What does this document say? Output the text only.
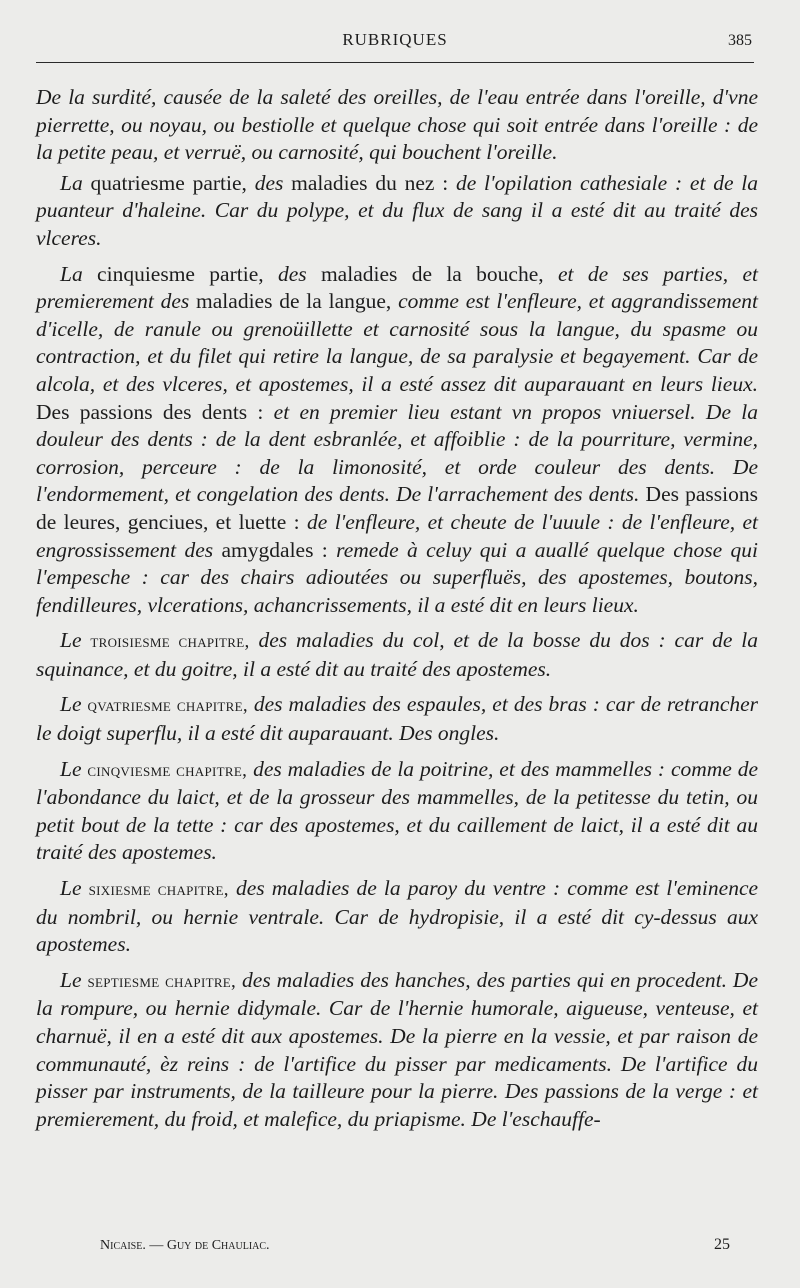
RUBRIQUES	385

De la surdité, causée de la saleté des oreilles, de l'eau entrée dans l'oreille, d'vne pierrette, ou noyau, ou bestiolle et quelque chose qui soit entrée dans l'oreille : de la petite peau, et verruë, ou carnosité, qui bouchent l'oreille.

La quatriesme partie, des maladies du nez : de l'opilation cathesiale : et de la puanteur d'haleine. Car du polype, et du flux de sang il a esté dit au traité des vlceres.

La cinquiesme partie, des maladies de la bouche, et de ses parties, et premierement des maladies de la langue, comme est l'enfleure, et aggrandissement d'icelle, de ranule ou grenoüillette et carnosité sous la langue, du spasme ou contraction, et du filet qui retire la langue, de sa paralysie et begayement. Car de alcola, et des vlceres, et apostemes, il a esté assez dit auparauant en leurs lieux. Des passions des dents : et en premier lieu estant vn propos vniuersel. De la douleur des dents : de la dent esbranlée, et affoiblie : de la pourriture, vermine, corrosion, perceure : de la limonosité, et orde couleur des dents. De l'endormement, et congelation des dents. De l'arrachement des dents. Des passions de leures, genciues, et luette : de l'enfleure, et cheute de l'uuule : de l'enfleure, et engrossissement des amygdales : remede à celuy qui a auallé quelque chose qui l'empesche : car des chairs adioutées ou superfluës, des apostemes, boutons, fendilleures, vlcerations, achancrissements, il a esté dit en leurs lieux.

Le troisiesme chapitre, des maladies du col, et de la bosse du dos : car de la squinance, et du goitre, il a esté dit au traité des apostemes.

Le qvatriesme chapitre, des maladies des espaules, et des bras : car de retrancher le doigt superflu, il a esté dit auparauant. Des ongles.

Le cinqviesme chapitre, des maladies de la poitrine, et des mammelles : comme de l'abondance du laict, et de la grosseur des mammelles, de la petitesse du tetin, ou petit bout de la tette : car des apostemes, et du caillement de laict, il a esté dit au traité des apostemes.

Le sixiesme chapitre, des maladies de la paroy du ventre : comme est l'eminence du nombril, ou hernie ventrale. Car de hydropisie, il a esté dit cy-dessus aux apostemes.

Le septiesme chapitre, des maladies des hanches, des parties qui en procedent. De la rompure, ou hernie didymale. Car de l'hernie humorale, aigueuse, venteuse, et charnuë, il en a esté dit aux apostemes. De la pierre en la vessie, et par raison de communauté, èz reins : de l'artifice du pisser par medicaments. De l'artifice du pisser par instruments, de la tailleure pour la pierre. Des passions de la verge : et premierement, du froid, et malefice, du priapisme. De l'eschauffe-

Nicaise. — Guy de Chauliac.	25
